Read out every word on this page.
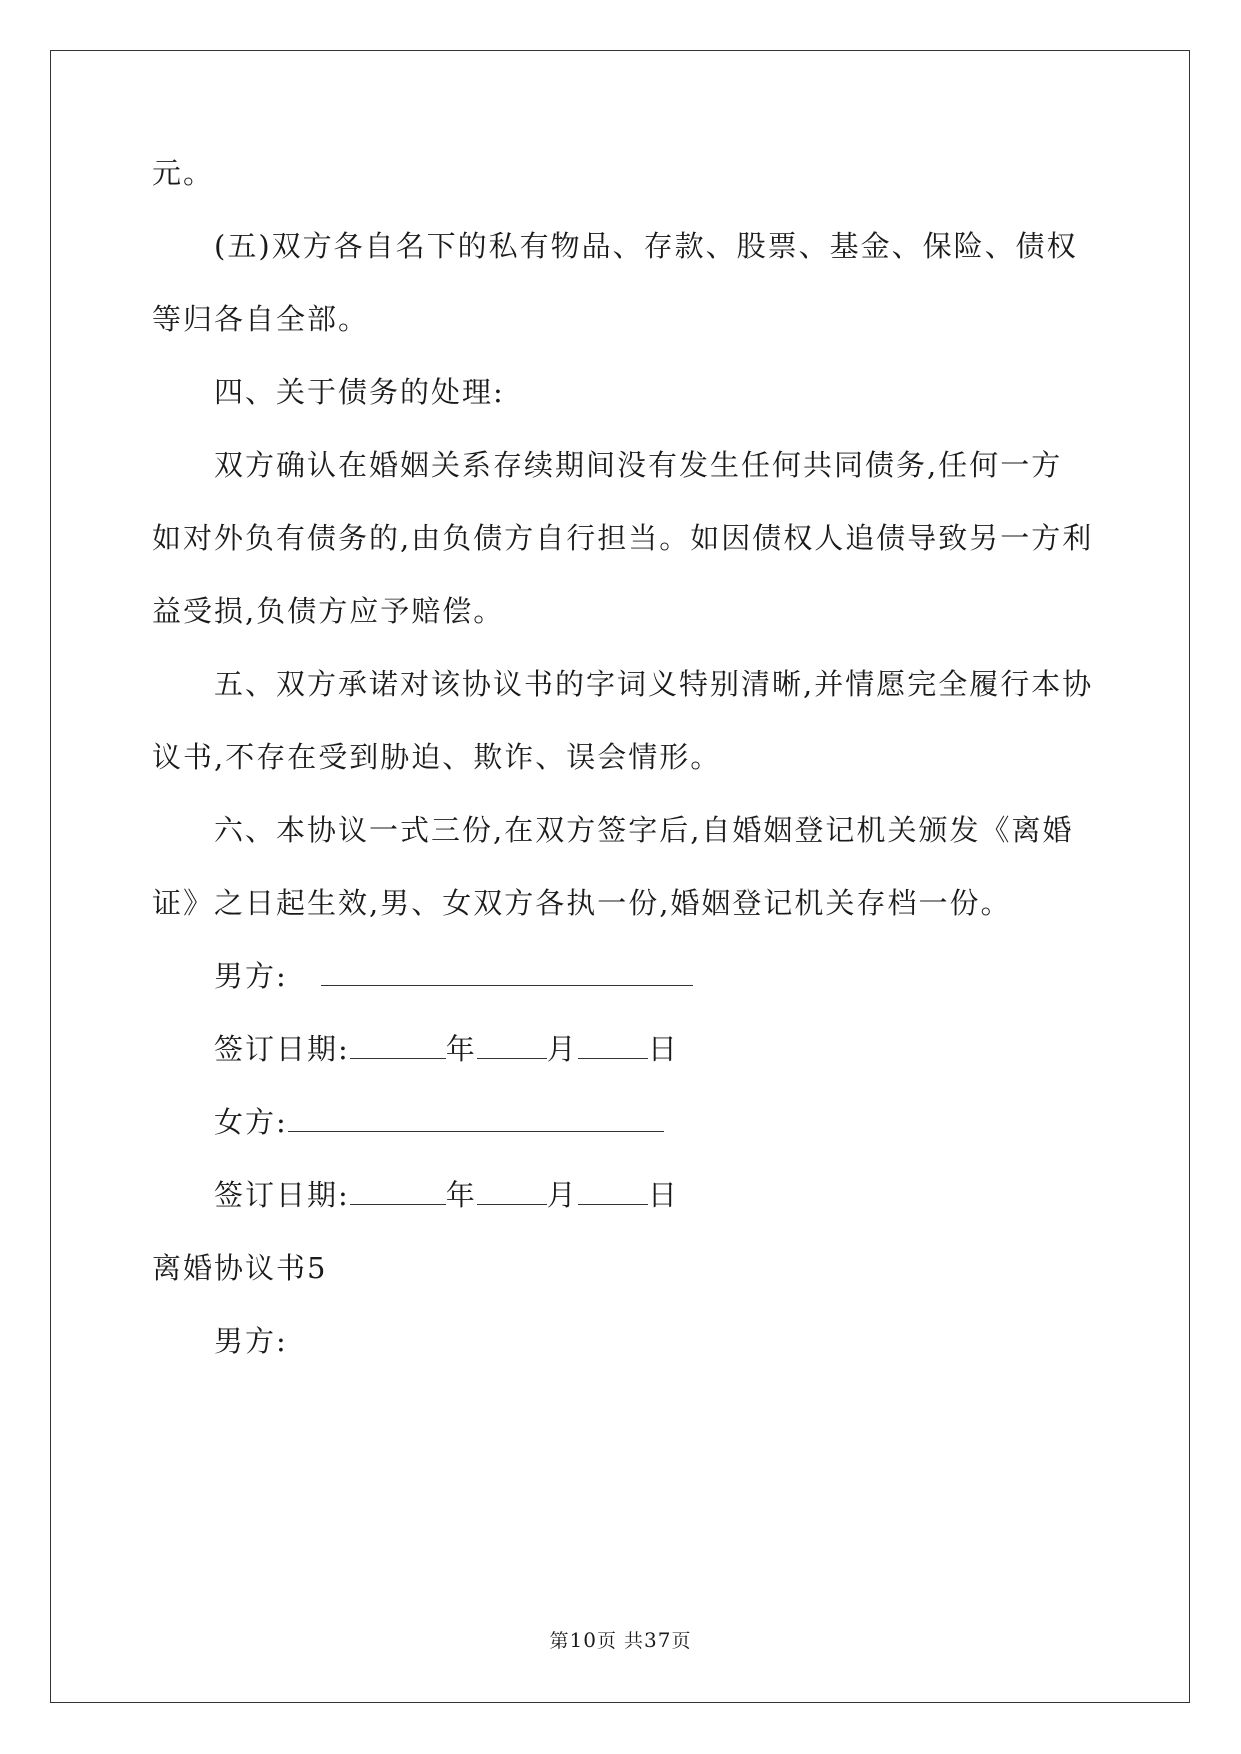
元。
(五)双方各自名下的私有物品、存款、股票、基金、保险、债权
等归各自全部。
四、关于债务的处理:
双方确认在婚姻关系存续期间没有发生任何共同债务,任何一方
如对外负有债务的,由负债方自行担当。如因债权人追债导致另一方利
益受损,负债方应予赔偿。
五、双方承诺对该协议书的字词义特别清晰,并情愿完全履行本协
议书,不存在受到胁迫、欺诈、误会情形。
六、本协议一式三份,在双方签字后,自婚姻登记机关颁发《离婚
证》之日起生效,男、女双方各执一份,婚姻登记机关存档一份。
男方:
签订日期:	年 月 日
女方:
签订日期:	年 月 日
离婚协议书5
男方:
第10页 共37页
